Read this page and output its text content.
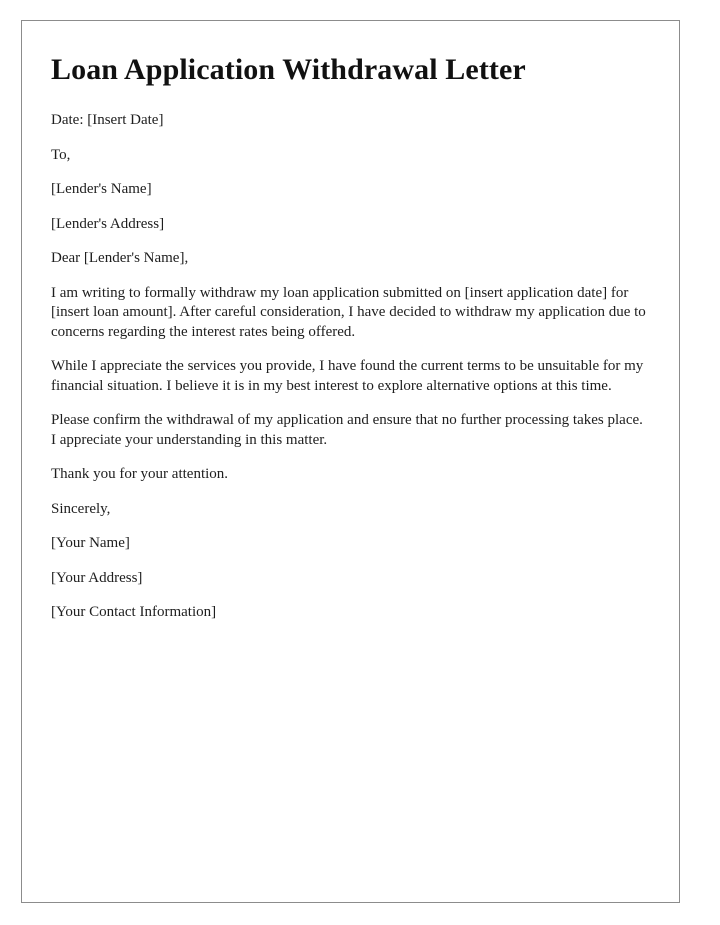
Loan Application Withdrawal Letter

Date: [Insert Date]

To,

[Lender's Name]

[Lender's Address]

Dear [Lender's Name],

I am writing to formally withdraw my loan application submitted on [insert application date] for [insert loan amount]. After careful consideration, I have decided to withdraw my application due to concerns regarding the interest rates being offered.

While I appreciate the services you provide, I have found the current terms to be unsuitable for my financial situation. I believe it is in my best interest to explore alternative options at this time.

Please confirm the withdrawal of my application and ensure that no further processing takes place. I appreciate your understanding in this matter.

Thank you for your attention.

Sincerely,

[Your Name]

[Your Address]

[Your Contact Information]
